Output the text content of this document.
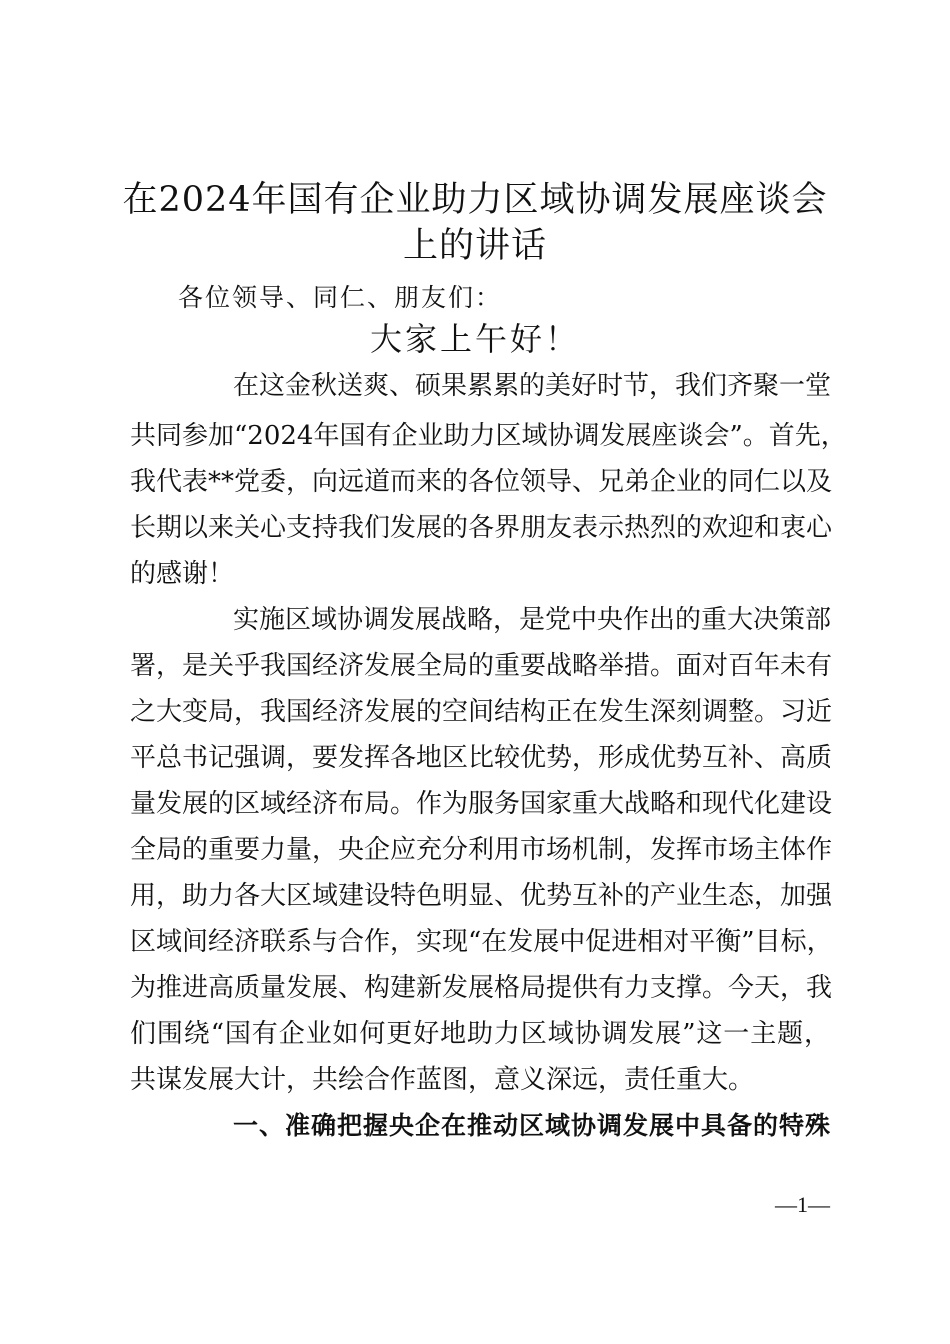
在2024年国有企业助力区域协调发展座谈会
上的讲话
各位领导、同仁、朋友们：
大家上午好！
在这金秋送爽、硕果累累的美好时节，我们齐聚一堂
共同参加“2024年国有企业助力区域协调发展座谈会”。首先，
我代表**党委，向远道而来的各位领导、兄弟企业的同仁以及
长期以来关心支持我们发展的各界朋友表示热烈的欢迎和衷心
的感谢！
实施区域协调发展战略，是党中央作出的重大决策部
署，是关乎我国经济发展全局的重要战略举措。面对百年未有
之大变局，我国经济发展的空间结构正在发生深刻调整。习近
平总书记强调，要发挥各地区比较优势，形成优势互补、高质
量发展的区域经济布局。作为服务国家重大战略和现代化建设
全局的重要力量，央企应充分利用市场机制，发挥市场主体作
用，助力各大区域建设特色明显、优势互补的产业生态，加强
区域间经济联系与合作，实现“在发展中促进相对平衡”目标，
为推进高质量发展、构建新发展格局提供有力支撑。今天，我
们围绕“国有企业如何更好地助力区域协调发展”这一主题，
共谋发展大计，共绘合作蓝图，意义深远，责任重大。
一、准确把握央企在推动区域协调发展中具备的特殊
—1—
